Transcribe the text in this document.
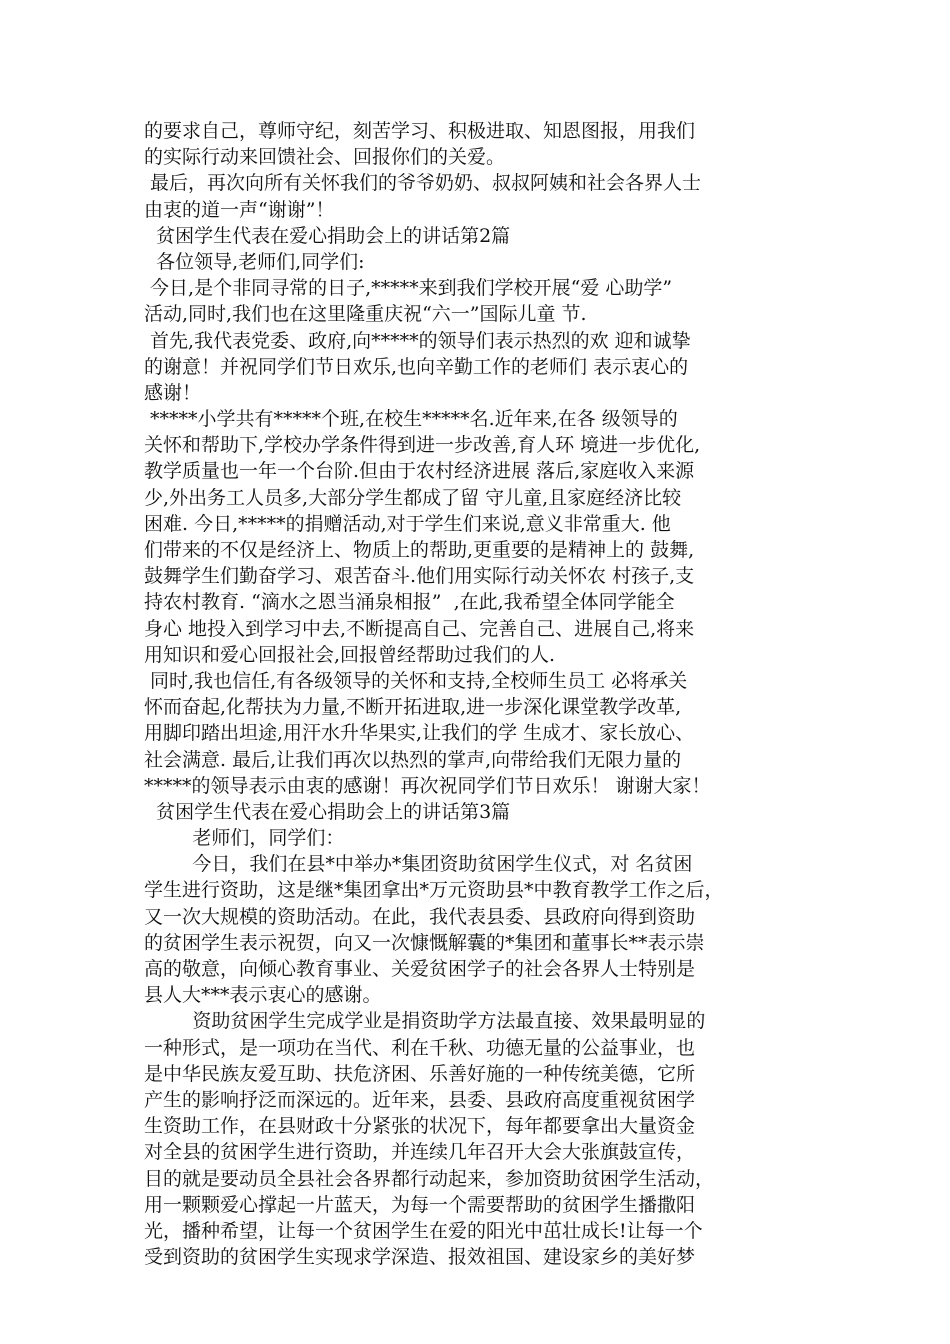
的要求自己，尊师守纪，刻苦学习、积极进取、知恩图报，用我们
的实际行动来回馈社会、回报你们的关爱。
最后，再次向所有关怀我们的爷爷奶奶、叔叔阿姨和社会各界人士
由衷的道一声“谢谢”！
贫困学生代表在爱心捐助会上的讲话第2篇
各位领导,老师们,同学们:
今日,是个非同寻常的日子,*****来到我们学校开展“爱 心助学”
活动,同时,我们也在这里隆重庆祝“六一”国际儿童 节.
首先,我代表党委、政府,向*****的领导们表示热烈的欢 迎和诚挚
的谢意！并祝同学们节日欢乐,也向辛勤工作的老师们 表示衷心的
感谢！
*****小学共有*****个班,在校生*****名.近年来,在各 级领导的
关怀和帮助下,学校办学条件得到进一步改善,育人环 境进一步优化,
教学质量也一年一个台阶.但由于农村经济进展 落后,家庭收入来源
少,外出务工人员多,大部分学生都成了留 守儿童,且家庭经济比较
困难. 今日,*****的捐赠活动,对于学生们来说,意义非常重大. 他
们带来的不仅是经济上、物质上的帮助,更重要的是精神上的 鼓舞,
鼓舞学生们勤奋学习、艰苦奋斗.他们用实际行动关怀农 村孩子,支
持农村教育. “滴水之恩当涌泉相报”  ,在此,我希望全体同学能全
身心 地投入到学习中去,不断提高自己、完善自己、进展自己,将来
用知识和爱心回报社会,回报曾经帮助过我们的人.
同时,我也信任,有各级领导的关怀和支持,全校师生员工 必将承关
怀而奋起,化帮扶为力量,不断开拓进取,进一步深化课堂教学改革,
用脚印踏出坦途,用汗水升华果实,让我们的学 生成才、家长放心、
社会满意. 最后,让我们再次以热烈的掌声,向带给我们无限力量的
*****的领导表示由衷的感谢！再次祝同学们节日欢乐！ 谢谢大家！
贫困学生代表在爱心捐助会上的讲话第3篇
老师们，同学们：
今日，我们在县*中举办*集团资助贫困学生仪式，对 名贫困
学生进行资助，这是继*集团拿出*万元资助县*中教育教学工作之后，
又一次大规模的资助活动。在此，我代表县委、县政府向得到资助
的贫困学生表示祝贺，向又一次慷慨解囊的*集团和董事长**表示崇
高的敬意，向倾心教育事业、关爱贫困学子的社会各界人士特别是
县人大***表示衷心的感谢。
资助贫困学生完成学业是捐资助学方法最直接、效果最明显的
一种形式，是一项功在当代、利在千秋、功德无量的公益事业，也
是中华民族友爱互助、扶危济困、乐善好施的一种传统美德，它所
产生的影响抒泛而深远的。近年来，县委、县政府高度重视贫困学
生资助工作，在县财政十分紧张的状况下，每年都要拿出大量资金
对全县的贫困学生进行资助，并连续几年召开大会大张旗鼓宣传，
目的就是要动员全县社会各界都行动起来，参加资助贫困学生活动，
用一颗颗爱心撑起一片蓝天，为每一个需要帮助的贫困学生播撒阳
光，播种希望，让每一个贫困学生在爱的阳光中茁壮成长!让每一个
受到资助的贫困学生实现求学深造、报效祖国、建设家乡的美好梦
